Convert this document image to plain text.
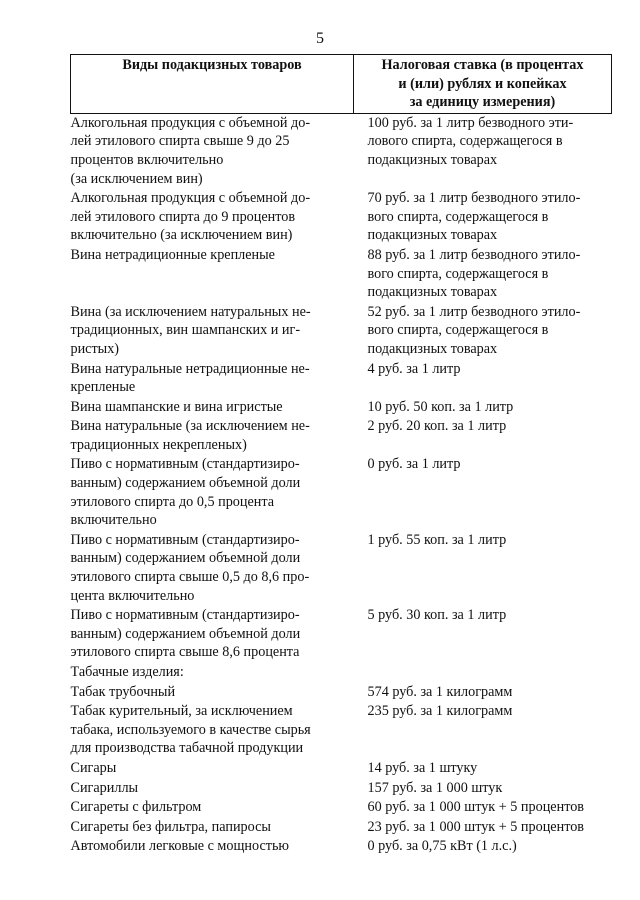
5
Виды подакцизных товаров	Налоговая ставка (в процентах
и (или) рублях и копейках
за единицу измерения)

Алкогольная продукция с объемной до-
лей этилового спирта свыше 9 до 25
процентов включительно
(за исключением вин)	100 руб. за 1 литр безводного эти-
лового спирта, содержащегося в
подакцизных товарах

Алкогольная продукция с объемной до-
лей этилового спирта до 9 процентов
включительно (за исключением вин)	70 руб. за 1 литр безводного этило-
вого спирта, содержащегося в
подакцизных товарах

Вина нетрадиционные крепленые	88 руб. за 1 литр безводного этило-
вого спирта, содержащегося в
подакцизных товарах

Вина (за исключением натуральных не-
традиционных, вин шампанских и иг-
ристых)	52 руб. за 1 литр безводного этило-
вого спирта, содержащегося в
подакцизных товарах

Вина натуральные нетрадиционные не-
крепленые	4 руб. за 1 литр

Вина шампанские и вина игристые	10 руб. 50 коп. за 1 литр

Вина натуральные (за исключением не-
традиционных некрепленых)	2 руб. 20 коп. за 1 литр

Пиво с нормативным (стандартизиро-
ванным) содержанием объемной доли
этилового спирта до 0,5 процента
включительно	0 руб. за 1 литр

Пиво с нормативным (стандартизиро-
ванным) содержанием объемной доли
этилового спирта свыше 0,5 до 8,6 про-
цента включительно	1 руб. 55 коп. за 1 литр

Пиво с нормативным (стандартизиро-
ванным) содержанием объемной доли
этилового спирта свыше 8,6 процента	5 руб. 30 коп. за 1 литр

Табачные изделия:	

Табак трубочный	574 руб. за 1 килограмм

Табак курительный, за исключением
табака, используемого в качестве сырья
для производства табачной продукции	235 руб. за 1 килограмм

Сигары	14 руб. за 1 штуку

Сигариллы	157 руб. за 1 000 штук

Сигареты с фильтром	60 руб. за 1 000 штук + 5 процентов

Сигареты без фильтра, папиросы	23 руб. за 1 000 штук + 5 процентов

Автомобили легковые с мощностью	0 руб. за 0,75 кВт (1 л.с.)
